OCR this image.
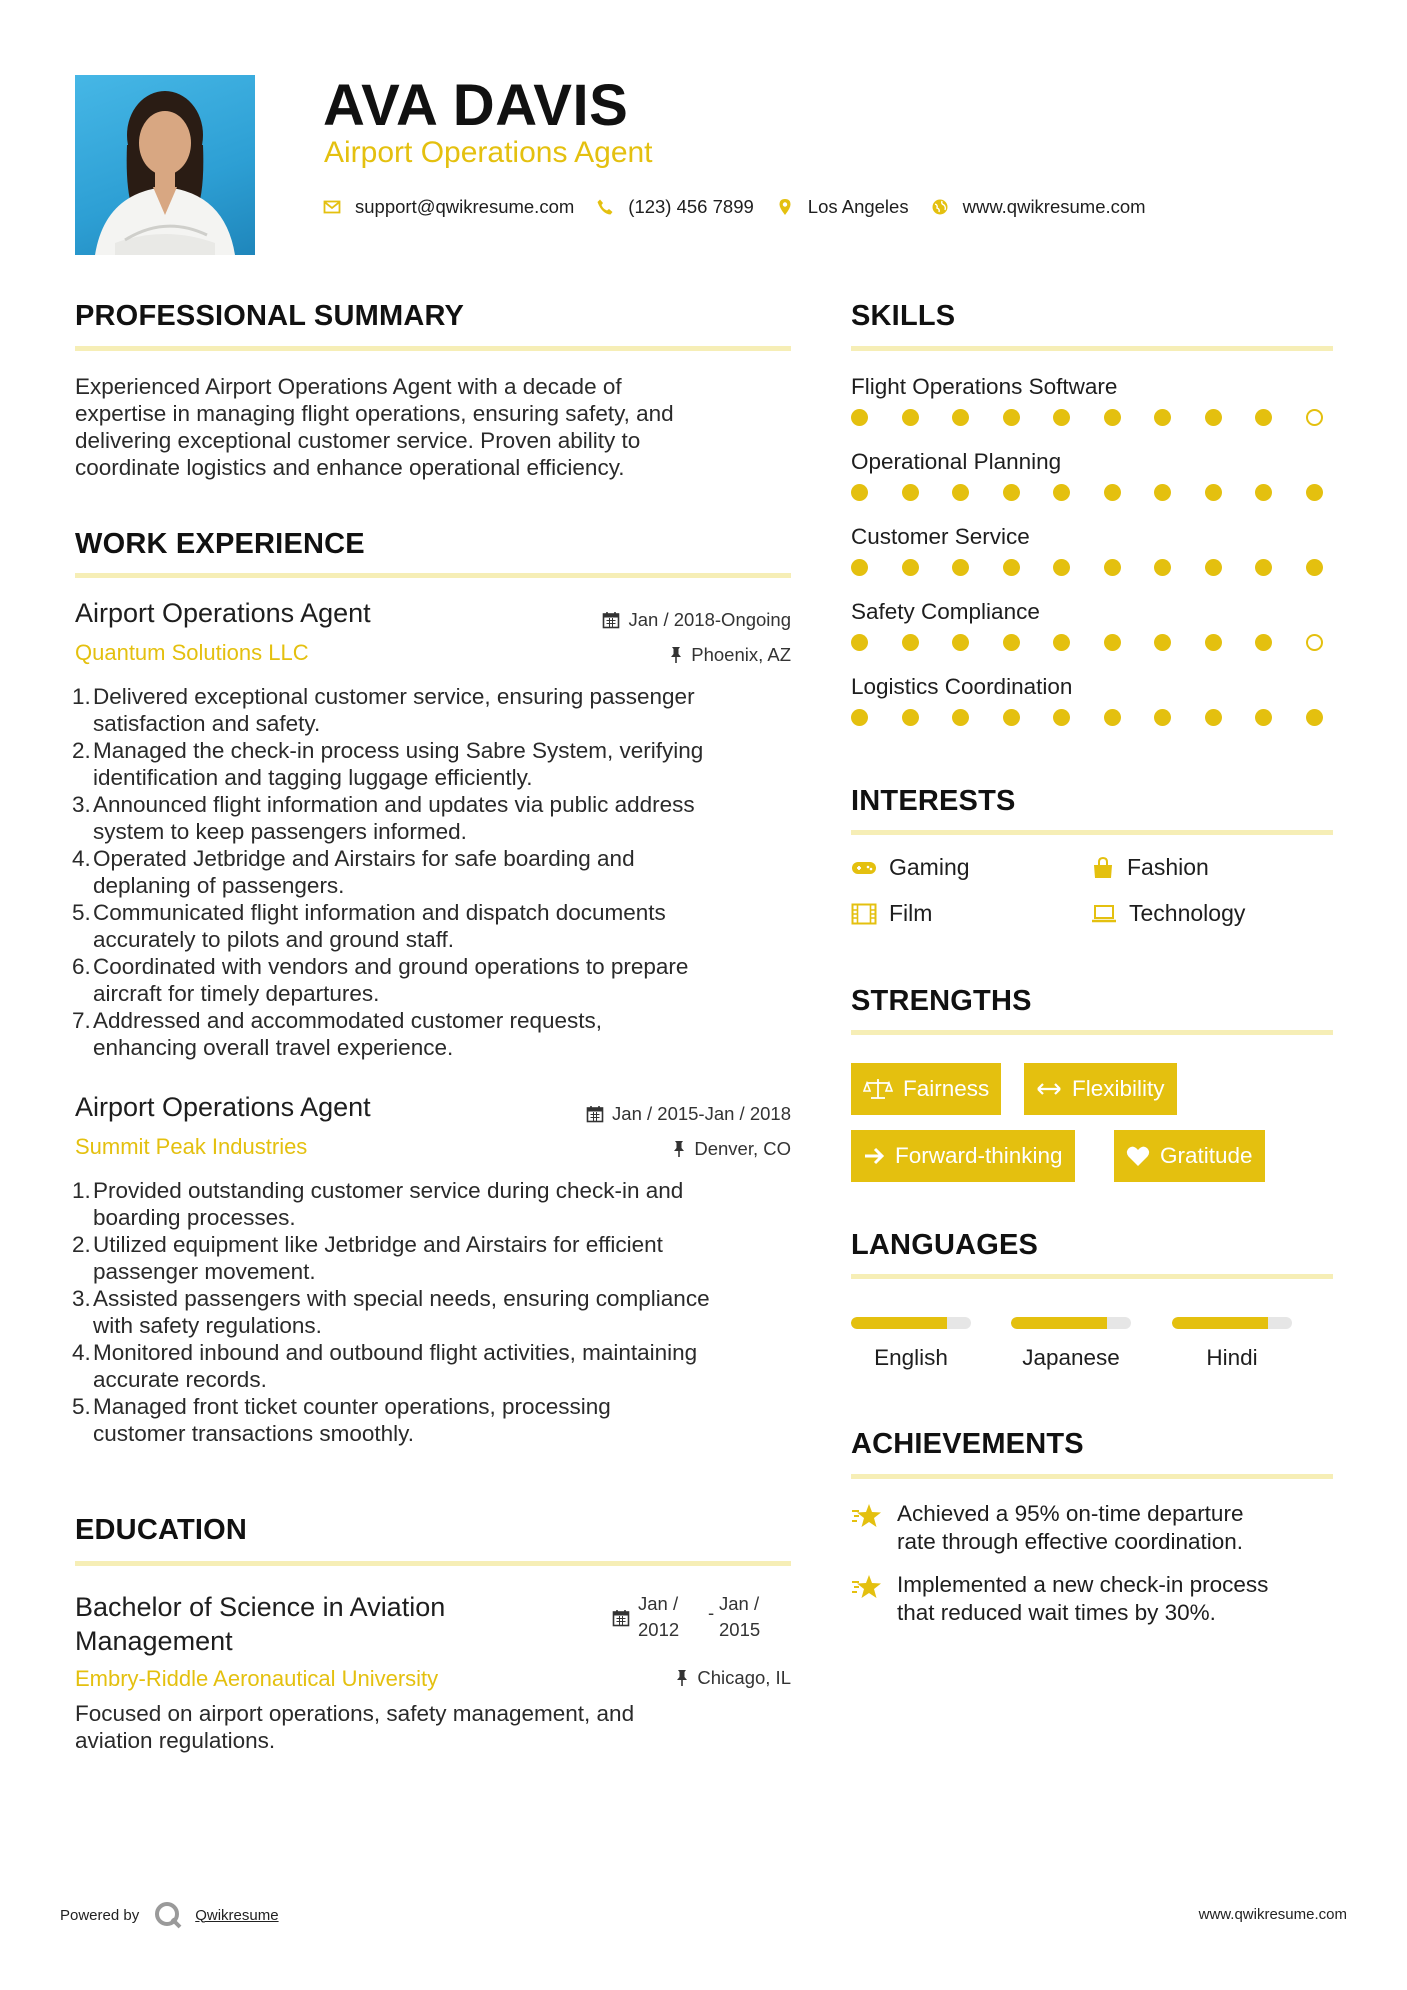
AVA DAVIS
Airport Operations Agent
support@qwikresume.com	(123) 456 7899	Los Angeles	www.qwikresume.com
PROFESSIONAL SUMMARY
Experienced Airport Operations Agent with a decade of
expertise in managing flight operations, ensuring safety, and
delivering exceptional customer service. Proven ability to
coordinate logistics and enhance operational efficiency.
WORK EXPERIENCE
Airport Operations Agent	Jan / 2018-Ongoing
Quantum Solutions LLC	Phoenix, AZ
Delivered exceptional customer service, ensuring passenger
satisfaction and safety.
Managed the check-in process using Sabre System, verifying
identification and tagging luggage efficiently.
Announced flight information and updates via public address
system to keep passengers informed.
Operated Jetbridge and Airstairs for safe boarding and
deplaning of passengers.
Communicated flight information and dispatch documents
accurately to pilots and ground staff.
Coordinated with vendors and ground operations to prepare
aircraft for timely departures.
Addressed and accommodated customer requests,
enhancing overall travel experience.
Airport Operations Agent	Jan / 2015-Jan / 2018
Summit Peak Industries	Denver, CO
Provided outstanding customer service during check-in and
boarding processes.
Utilized equipment like Jetbridge and Airstairs for efficient
passenger movement.
Assisted passengers with special needs, ensuring compliance
with safety regulations.
Monitored inbound and outbound flight activities, maintaining
accurate records.
Managed front ticket counter operations, processing
customer transactions smoothly.
EDUCATION
Bachelor of Science in Aviation
Management
Jan /
2012
- Jan /
2015
Embry-Riddle Aeronautical University	Chicago, IL
Focused on airport operations, safety management, and
aviation regulations.
SKILLS
Flight Operations Software
Operational Planning
Customer Service
Safety Compliance
Logistics Coordination
INTERESTS
Gaming	Fashion
Film	Technology
STRENGTHS
Fairness	Flexibility
Forward-thinking	Gratitude
LANGUAGES
English	Japanese	Hindi
ACHIEVEMENTS
Achieved a 95% on-time departure
rate through effective coordination.
Implemented a new check-in process
that reduced wait times by 30%.
Powered by	Qwikresume	www.qwikresume.com
